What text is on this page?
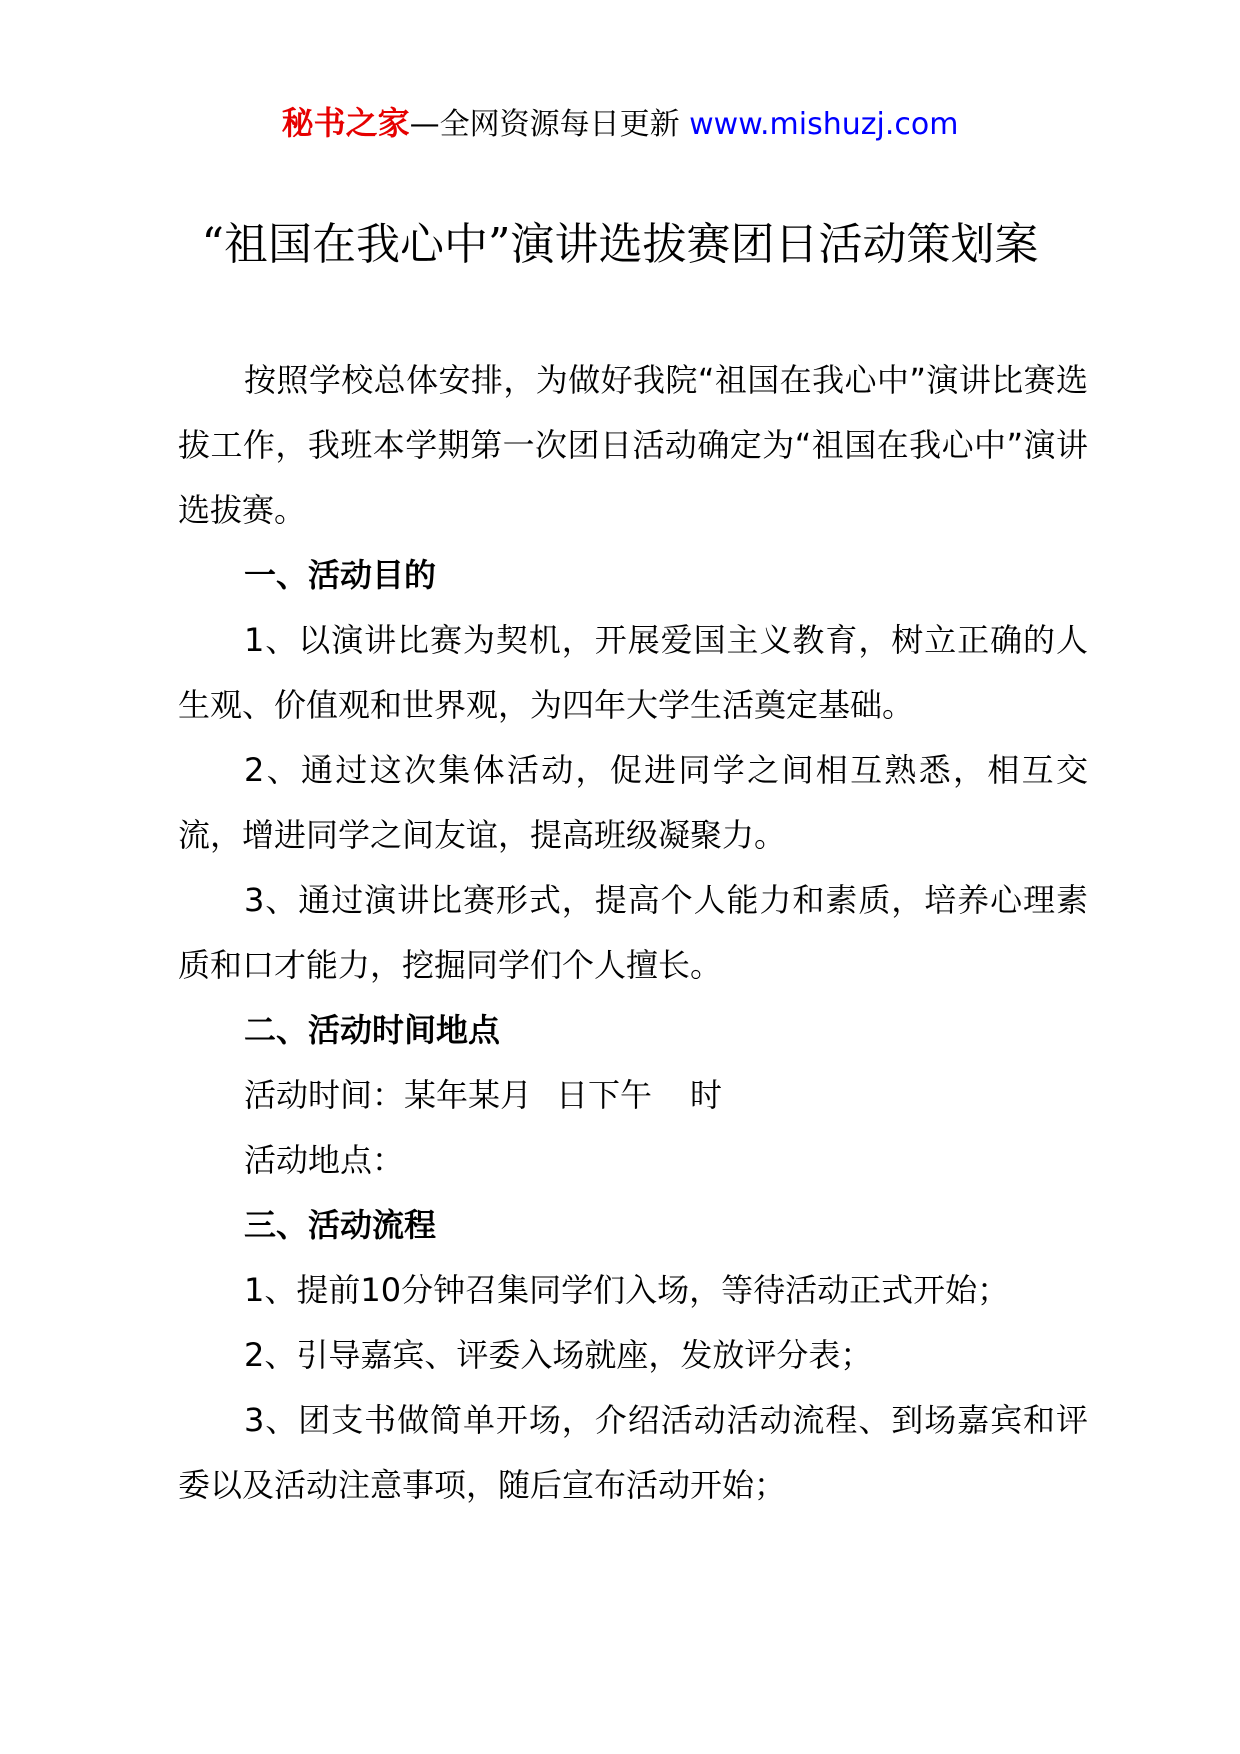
秘书之家—全网资源每日更新 www.mishuzj.com
“祖国在我心中”演讲选拔赛团日活动策划案

按照学校总体安排，为做好我院“祖国在我心中”演讲比赛选拔工作，我班本学期第一次团日活动确定为“祖国在我心中”演讲选拔赛。

一、活动目的

1、以演讲比赛为契机，开展爱国主义教育，树立正确的人生观、价值观和世界观，为四年大学生活奠定基础。

2、通过这次集体活动，促进同学之间相互熟悉，相互交流，增进同学之间友谊，提高班级凝聚力。

3、通过演讲比赛形式，提高个人能力和素质，培养心理素质和口才能力，挖掘同学们个人擅长。

二、活动时间地点

活动时间：某年某月 日下午 时

活动地点：

三、活动流程

1、提前10分钟召集同学们入场，等待活动正式开始；

2、引导嘉宾、评委入场就座，发放评分表；

3、团支书做简单开场，介绍活动活动流程、到场嘉宾和评委以及活动注意事项，随后宣布活动开始；
